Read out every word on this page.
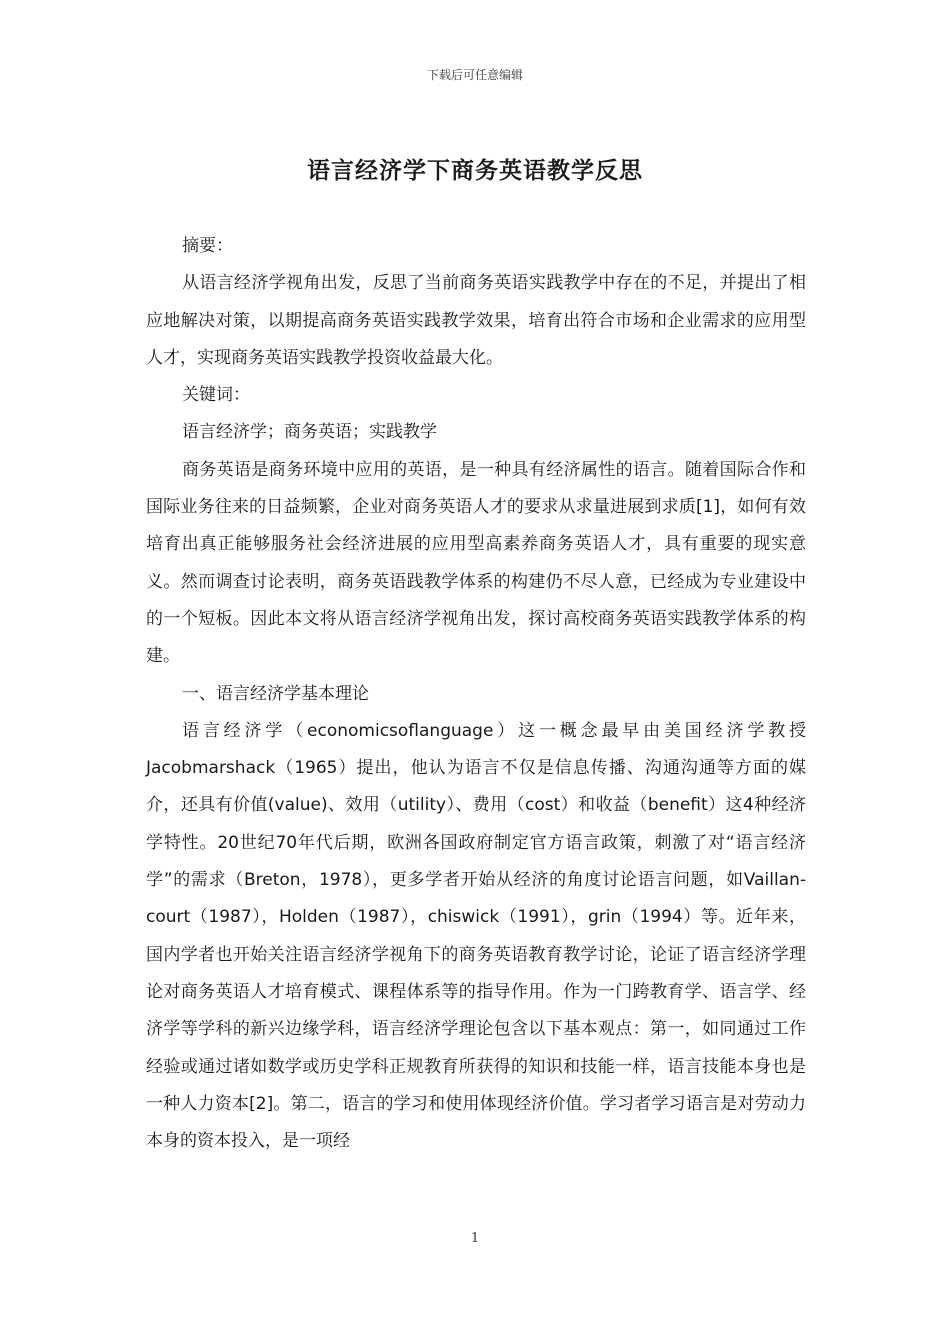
下载后可任意编辑
语言经济学下商务英语教学反思

摘要：

从语言经济学视角出发，反思了当前商务英语实践教学中存在的不足，并提出了相应地解决对策，以期提高商务英语实践教学效果，培育出符合市场和企业需求的应用型人才，实现商务英语实践教学投资收益最大化。

关键词：

语言经济学；商务英语；实践教学

商务英语是商务环境中应用的英语，是一种具有经济属性的语言。随着国际合作和国际业务往来的日益频繁，企业对商务英语人才的要求从求量进展到求质[1]，如何有效培育出真正能够服务社会经济进展的应用型高素养商务英语人才，具有重要的现实意义。然而调查讨论表明，商务英语践教学体系的构建仍不尽人意，已经成为专业建设中的一个短板。因此本文将从语言经济学视角出发，探讨高校商务英语实践教学体系的构建。

一、语言经济学基本理论

语言经济学（economicsoflanguage）这一概念最早由美国经济学教授Jacobmarshack（1965）提出，他认为语言不仅是信息传播、沟通沟通等方面的媒介，还具有价值(value)、效用（utility）、费用（cost）和收益（benefit）这4种经济学特性。20世纪70年代后期，欧洲各国政府制定官方语言政策，刺激了对“语言经济学”的需求（Breton，1978），更多学者开始从经济的角度讨论语言问题，如Vaillan-court（1987），Holden（1987），chiswick（1991），grin（1994）等。近年来，国内学者也开始关注语言经济学视角下的商务英语教育教学讨论，论证了语言经济学理论对商务英语人才培育模式、课程体系等的指导作用。作为一门跨教育学、语言学、经济学等学科的新兴边缘学科，语言经济学理论包含以下基本观点：第一，如同通过工作经验或通过诸如数学或历史学科正规教育所获得的知识和技能一样，语言技能本身也是一种人力资本[2]。第二，语言的学习和使用体现经济价值。学习者学习语言是对劳动力本身的资本投入，是一项经

1
